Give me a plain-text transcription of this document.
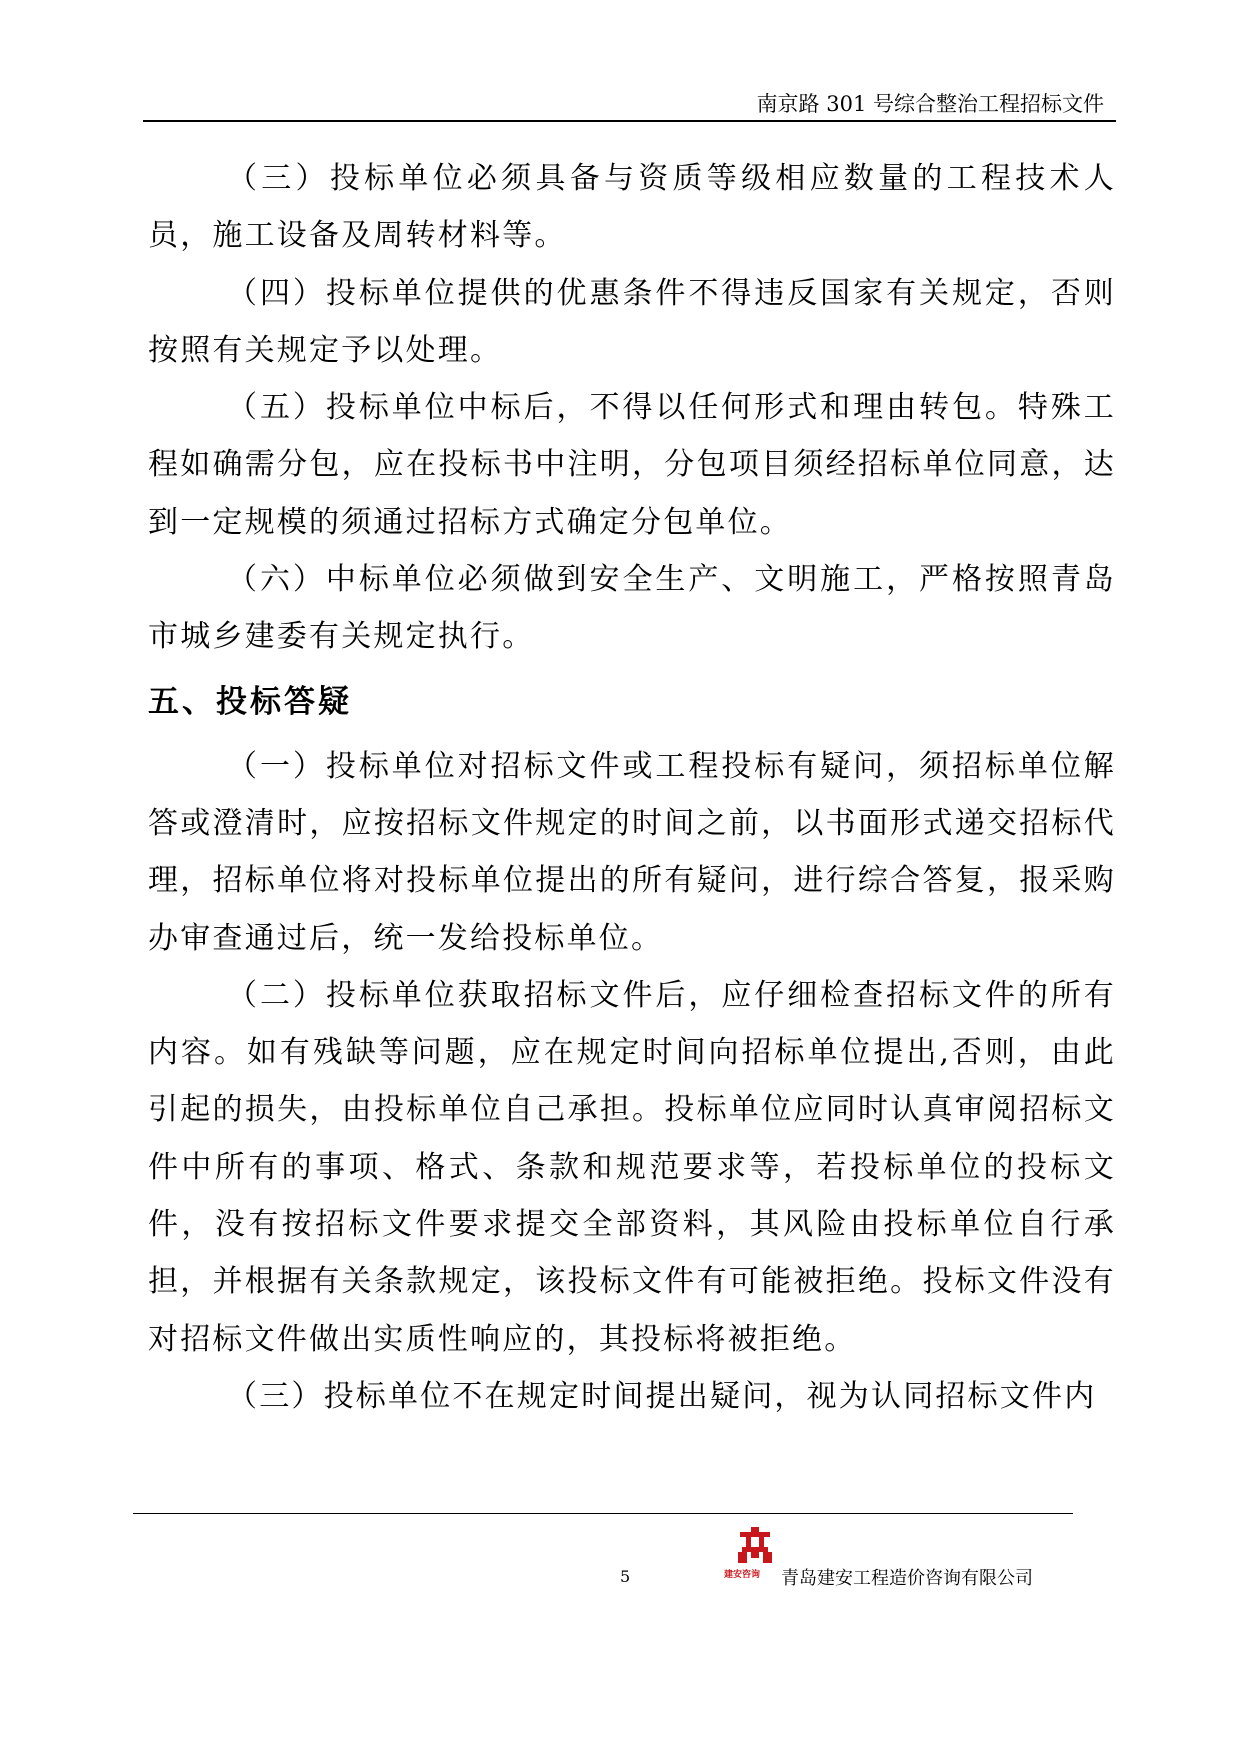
南京路 301 号综合整治工程招标文件

（三）投标单位必须具备与资质等级相应数量的工程技术人员，施工设备及周转材料等。

（四）投标单位提供的优惠条件不得违反国家有关规定，否则按照有关规定予以处理。

（五）投标单位中标后，不得以任何形式和理由转包。特殊工程如确需分包，应在投标书中注明，分包项目须经招标单位同意，达到一定规模的须通过招标方式确定分包单位。

（六）中标单位必须做到安全生产、文明施工，严格按照青岛市城乡建委有关规定执行。

五、投标答疑

（一）投标单位对招标文件或工程投标有疑问，须招标单位解答或澄清时，应按招标文件规定的时间之前，以书面形式递交招标代理，招标单位将对投标单位提出的所有疑问，进行综合答复，报采购办审查通过后，统一发给投标单位。

（二）投标单位获取招标文件后，应仔细检查招标文件的所有内容。如有残缺等问题，应在规定时间向招标单位提出,否则，由此引起的损失，由投标单位自己承担。投标单位应同时认真审阅招标文件中所有的事项、格式、条款和规范要求等，若投标单位的投标文件，没有按招标文件要求提交全部资料，其风险由投标单位自行承担，并根据有关条款规定，该投标文件有可能被拒绝。投标文件没有对招标文件做出实质性响应的，其投标将被拒绝。

（三）投标单位不在规定时间提出疑问，视为认同招标文件内

5	建安咨询 青岛建安工程造价咨询有限公司
